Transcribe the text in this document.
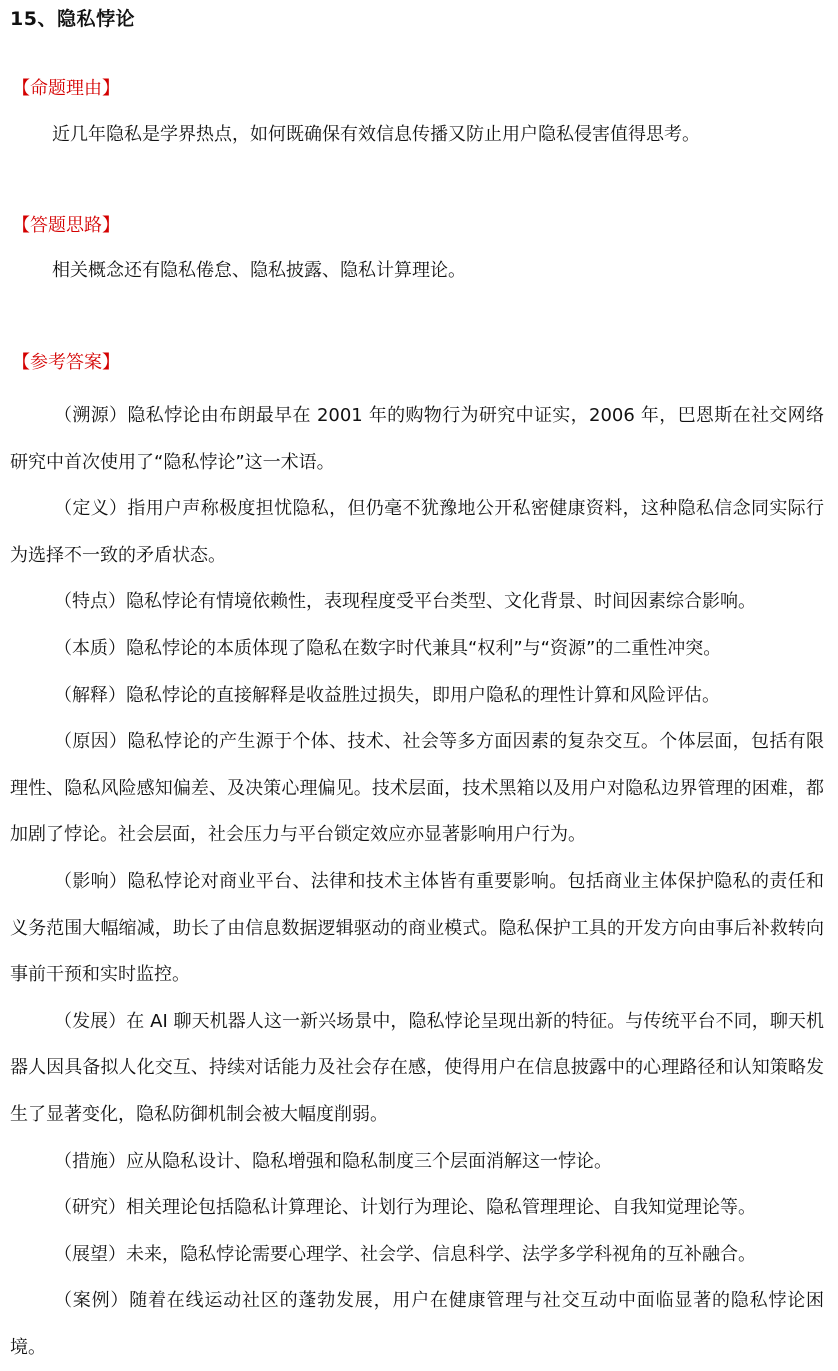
15、隐私悖论
【命题理由】
近几年隐私是学界热点，如何既确保有效信息传播又防止用户隐私侵害值得思考。
【答题思路】
相关概念还有隐私倦怠、隐私披露、隐私计算理论。
【参考答案】

（溯源）隐私悖论由布朗最早在 2001 年的购物行为研究中证实，2006 年，巴恩斯在社交网络研究中首次使用了“隐私悖论”这一术语。

（定义）指用户声称极度担忧隐私，但仍毫不犹豫地公开私密健康资料，这种隐私信念同实际行为选择不一致的矛盾状态。

（特点）隐私悖论有情境依赖性，表现程度受平台类型、文化背景、时间因素综合影响。

（本质）隐私悖论的本质体现了隐私在数字时代兼具“权利”与“资源”的二重性冲突。

（解释）隐私悖论的直接解释是收益胜过损失，即用户隐私的理性计算和风险评估。

（原因）隐私悖论的产生源于个体、技术、社会等多方面因素的复杂交互。个体层面，包括有限理性、隐私风险感知偏差、及决策心理偏见。技术层面，技术黑箱以及用户对隐私边界管理的困难，都加剧了悖论。社会层面，社会压力与平台锁定效应亦显著影响用户行为。

（影响）隐私悖论对商业平台、法律和技术主体皆有重要影响。包括商业主体保护隐私的责任和义务范围大幅缩减，助长了由信息数据逻辑驱动的商业模式。隐私保护工具的开发方向由事后补救转向事前干预和实时监控。

（发展）在 AI 聊天机器人这一新兴场景中，隐私悖论呈现出新的特征。与传统平台不同，聊天机器人因具备拟人化交互、持续对话能力及社会存在感，使得用户在信息披露中的心理路径和认知策略发生了显著变化，隐私防御机制会被大幅度削弱。

（措施）应从隐私设计、隐私增强和隐私制度三个层面消解这一悖论。

（研究）相关理论包括隐私计算理论、计划行为理论、隐私管理理论、自我知觉理论等。

（展望）未来，隐私悖论需要心理学、社会学、信息科学、法学多学科视角的互补融合。

（案例）随着在线运动社区的蓬勃发展，用户在健康管理与社交互动中面临显著的隐私悖论困境。
